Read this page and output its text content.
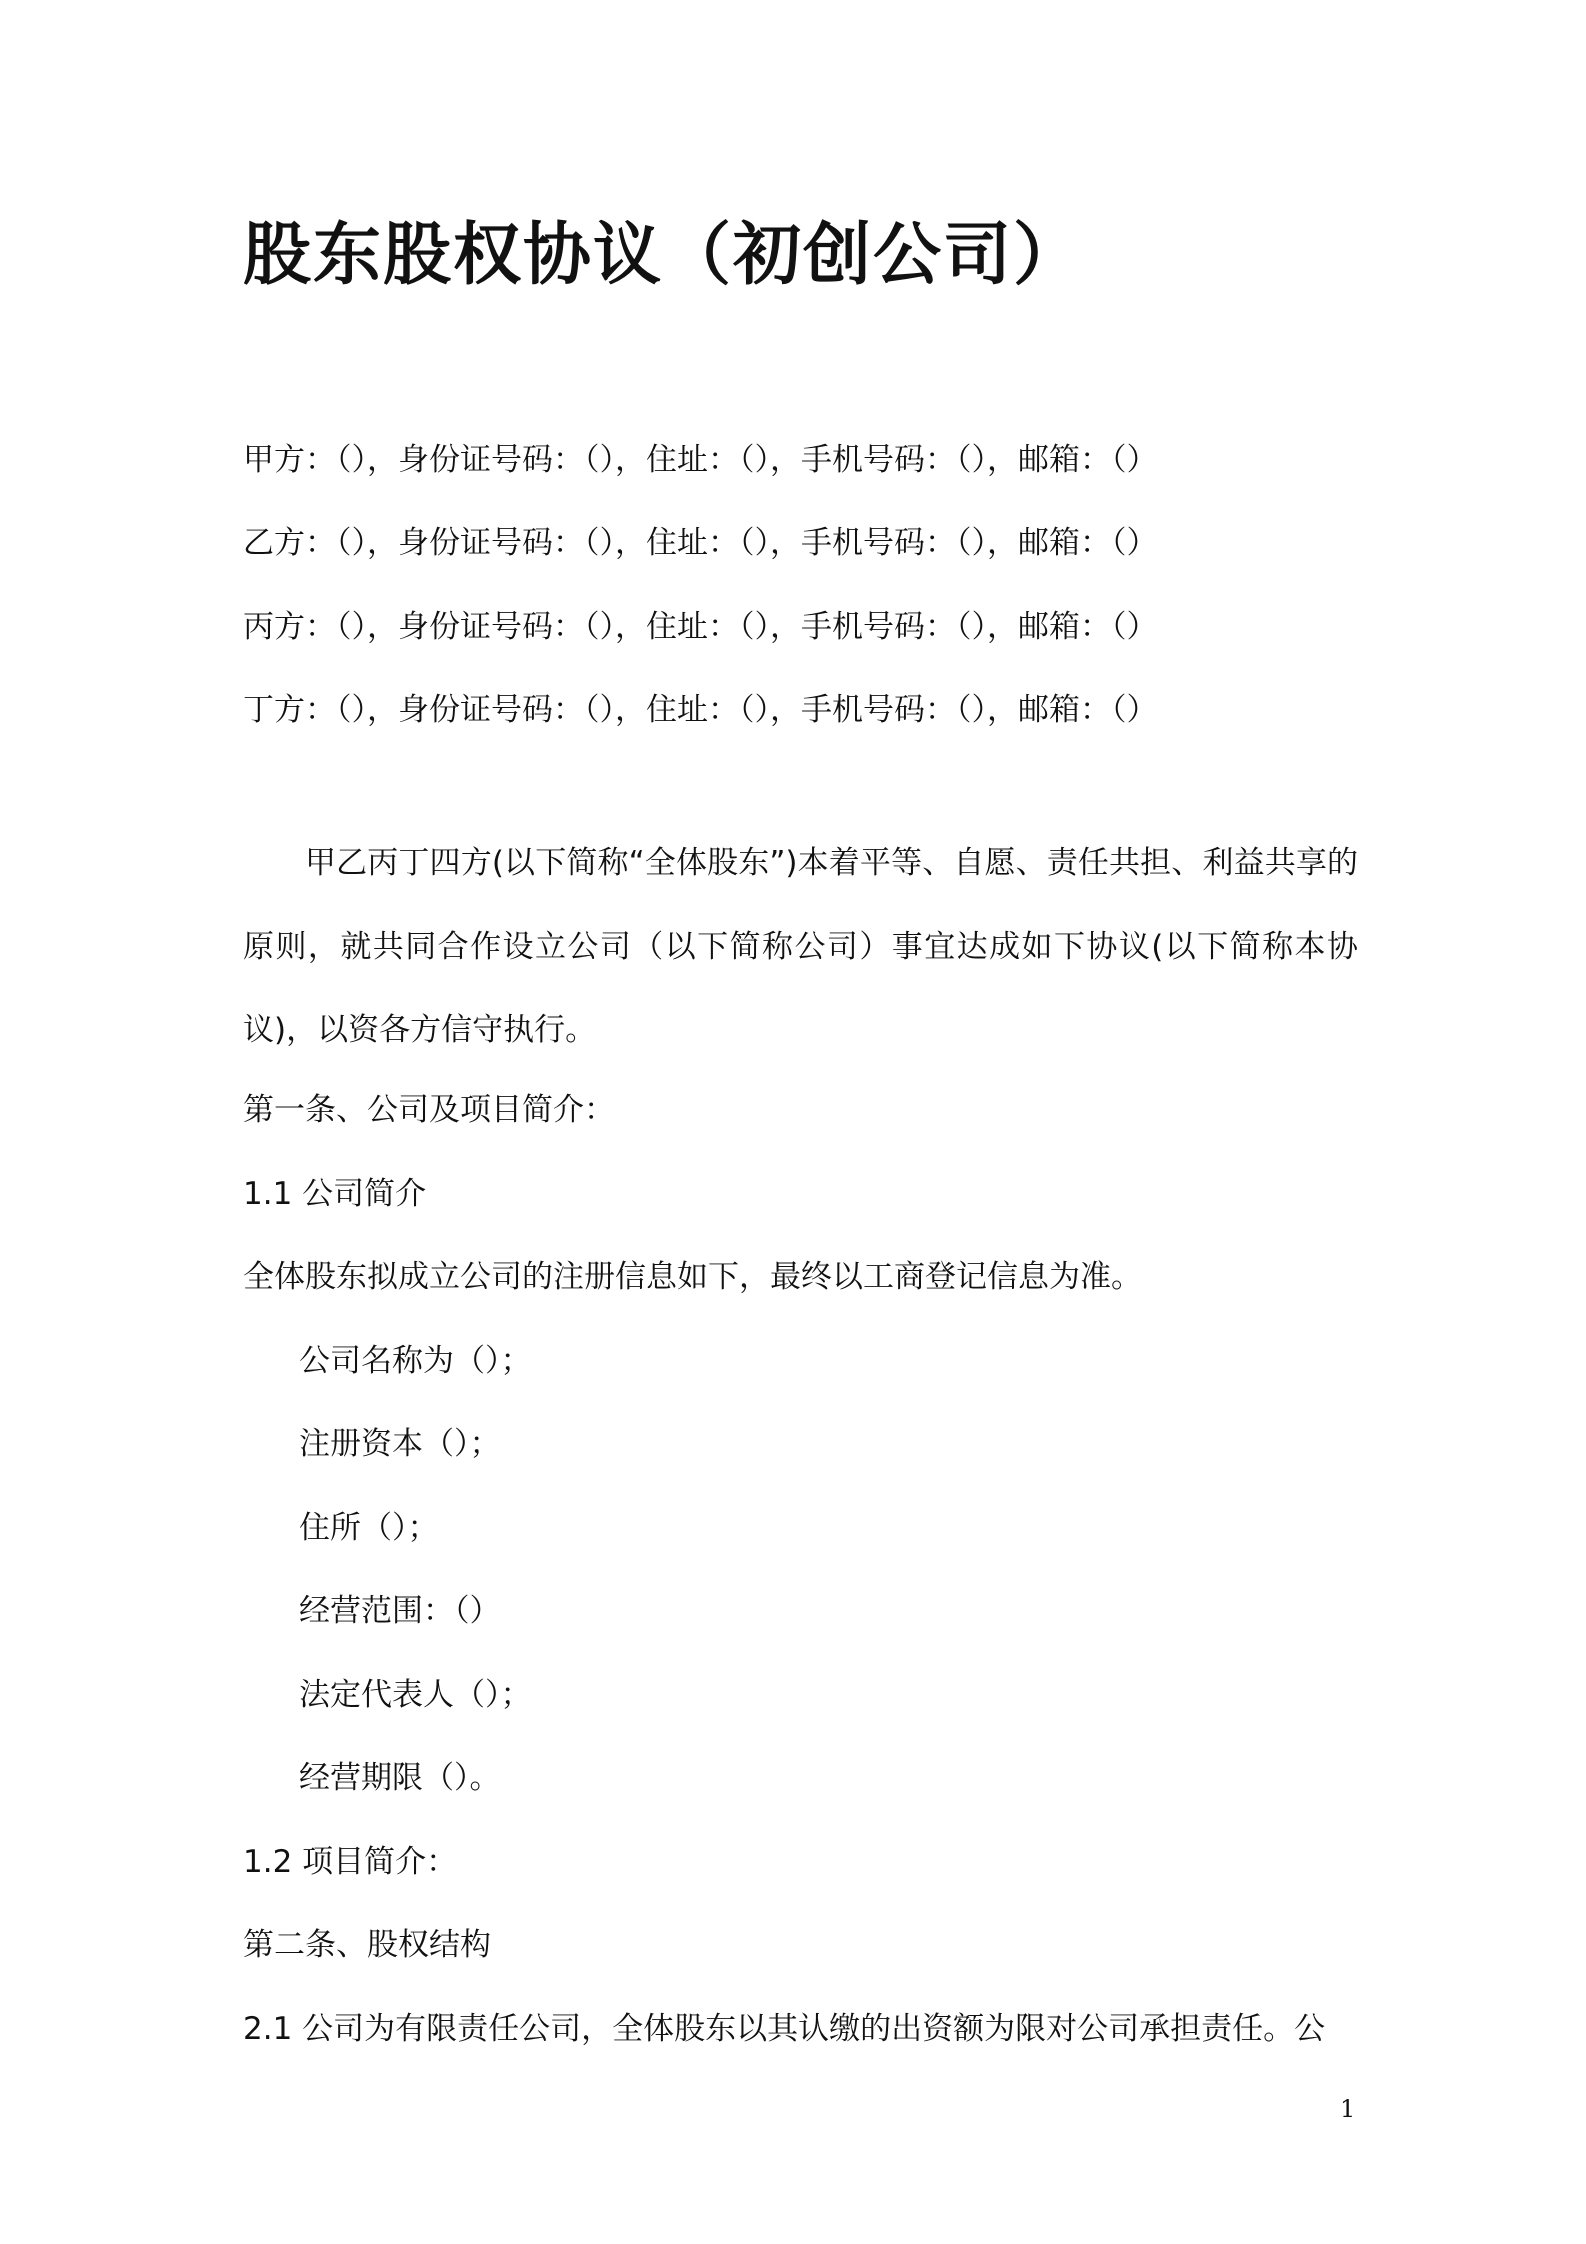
股东股权协议（初创公司）
甲方：（），身份证号码：（），住址：（），手机号码：（），邮箱：（）
乙方：（），身份证号码：（），住址：（），手机号码：（），邮箱：（）
丙方：（），身份证号码：（），住址：（），手机号码：（），邮箱：（）
丁方：（），身份证号码：（），住址：（），手机号码：（），邮箱：（）
甲乙丙丁四方(以下简称“全体股东”)本着平等、自愿、责任共担、利益共享的原则，就共同合作设立公司（以下简称公司）事宜达成如下协议(以下简称本协议)，以资各方信守执行。
第一条、公司及项目简介：
1.1 公司简介
全体股东拟成立公司的注册信息如下，最终以工商登记信息为准。
公司名称为（）；
注册资本（）；
住所（）；
经营范围：（）
法定代表人（）；
经营期限（）。
1.2 项目简介：
第二条、股权结构
2.1 公司为有限责任公司，全体股东以其认缴的出资额为限对公司承担责任。公
1
